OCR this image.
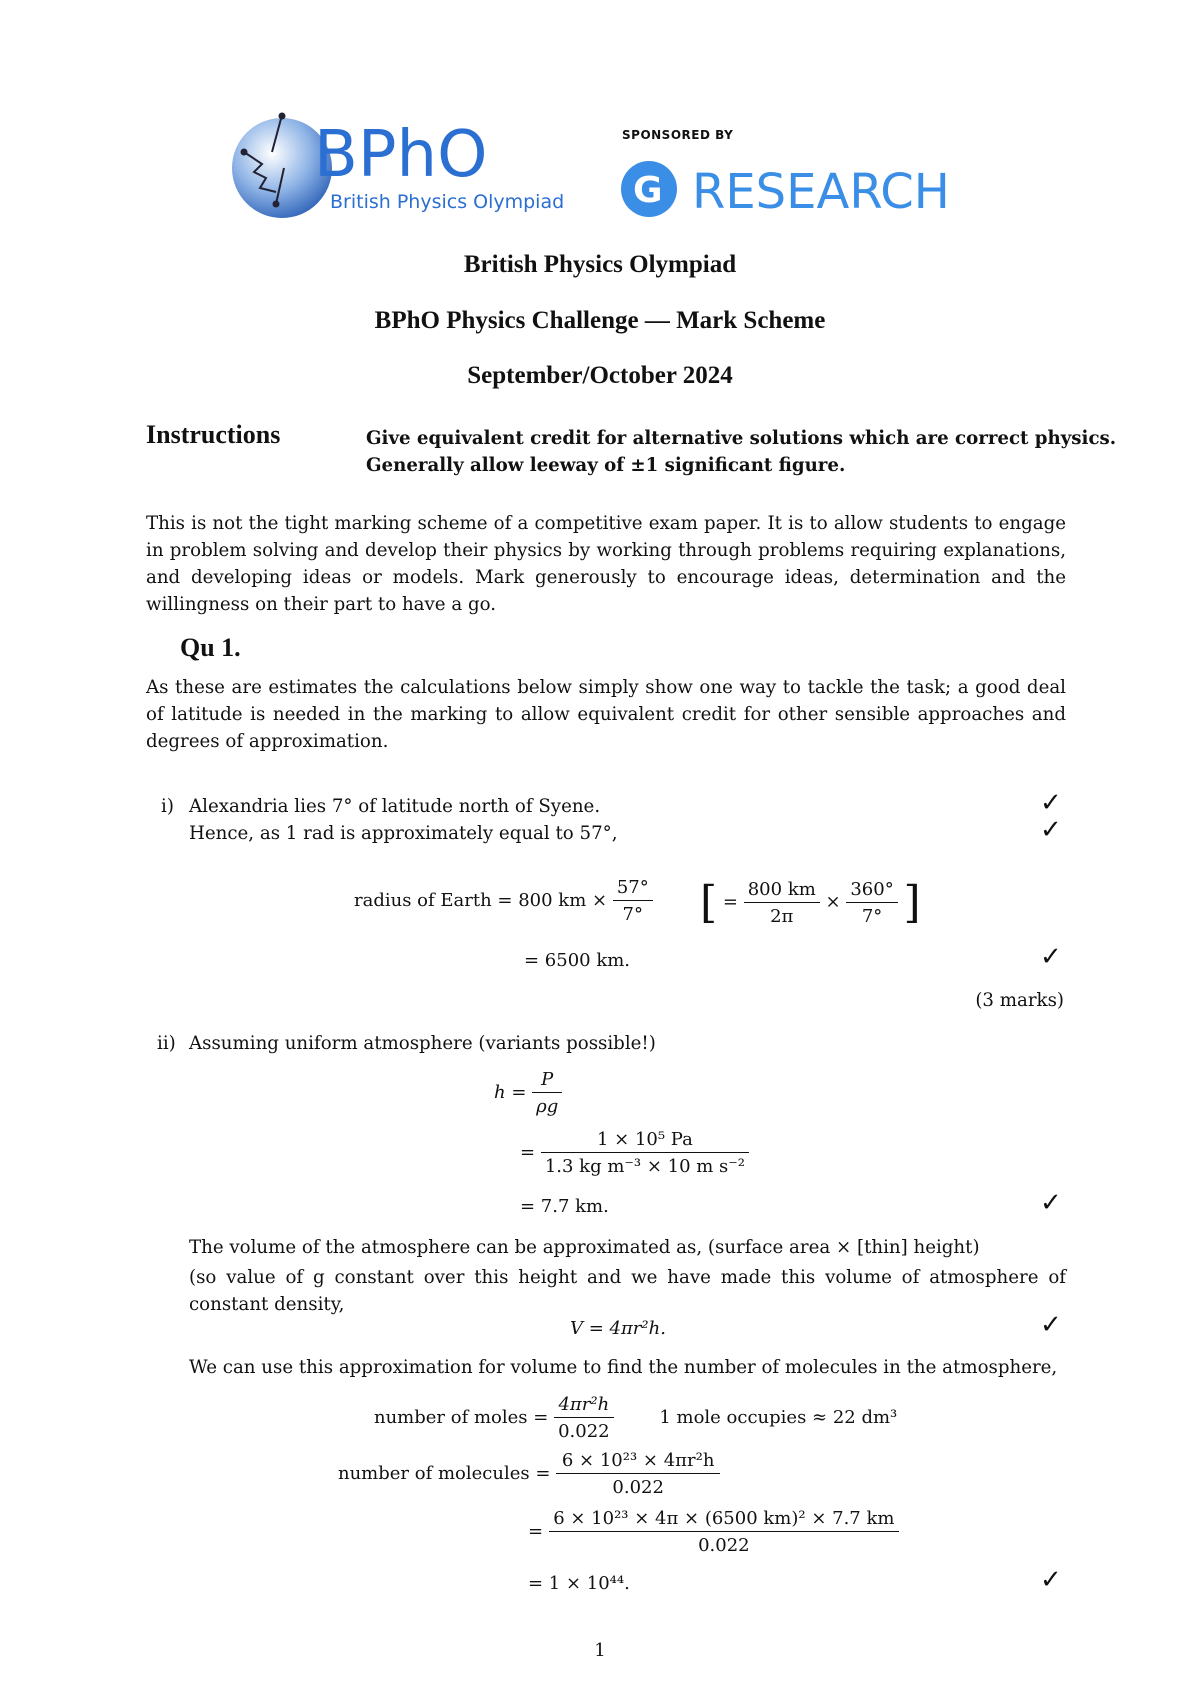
BPhO
British Physics Olympiad
SPONSORED BY
G RESEARCH
British Physics Olympiad
BPhO Physics Challenge — Mark Scheme
September/October 2024
Instructions	Give equivalent credit for alternative solutions which are correct physics.
Generally allow leeway of ±1 significant figure.
This is not the tight marking scheme of a competitive exam paper. It is to allow students to engage in problem solving and develop their physics by working through problems requiring explanations, and developing ideas or models. Mark generously to encourage ideas, determination and the willingness on their part to have a go.
Qu 1.
As these are estimates the calculations below simply show one way to tackle the task; a good deal of latitude is needed in the marking to allow equivalent credit for other sensible approaches and degrees of approximation.
i) Alexandria lies 7° of latitude north of Syene.	✓
Hence, as 1 rad is approximately equal to 57°,	✓
radius of Earth = 800 km × $\frac{57^\circ}{7^\circ}$ [ = $\frac{800 km}{2\pi} \times \frac{360^\circ}{7^\circ}$ ]
= 6500 km.	✓
(3 marks)
ii) Assuming uniform atmosphere (variants possible!)
$h = \frac{P}{\rho g}$
= $\frac{\text{1 × 10⁵ Pa}}{\text{1.3 kg m⁻³ × 10 m s⁻²}}$
= 7.7 km.	✓
The volume of the atmosphere can be approximated as, (surface area × [thin] height)
(so value of g constant over this height and we have made this volume of atmosphere of constant density,
V = 4πr²h.	✓
We can use this approximation for volume to find the number of molecules in the atmosphere,
number of moles = $\frac{\text{4πr²h}}{0.022}$	1 mole occupies ≈ 22 dm³
number of molecules = $\frac{\text{6 × 10²³ × 4πr²h}}{0.022}$
= $\frac{\text{6 × 10²³ × 4π × (6500 km)² × 7.7 km}}{0.022}$
= 1 × 10⁴⁴.	✓
1
